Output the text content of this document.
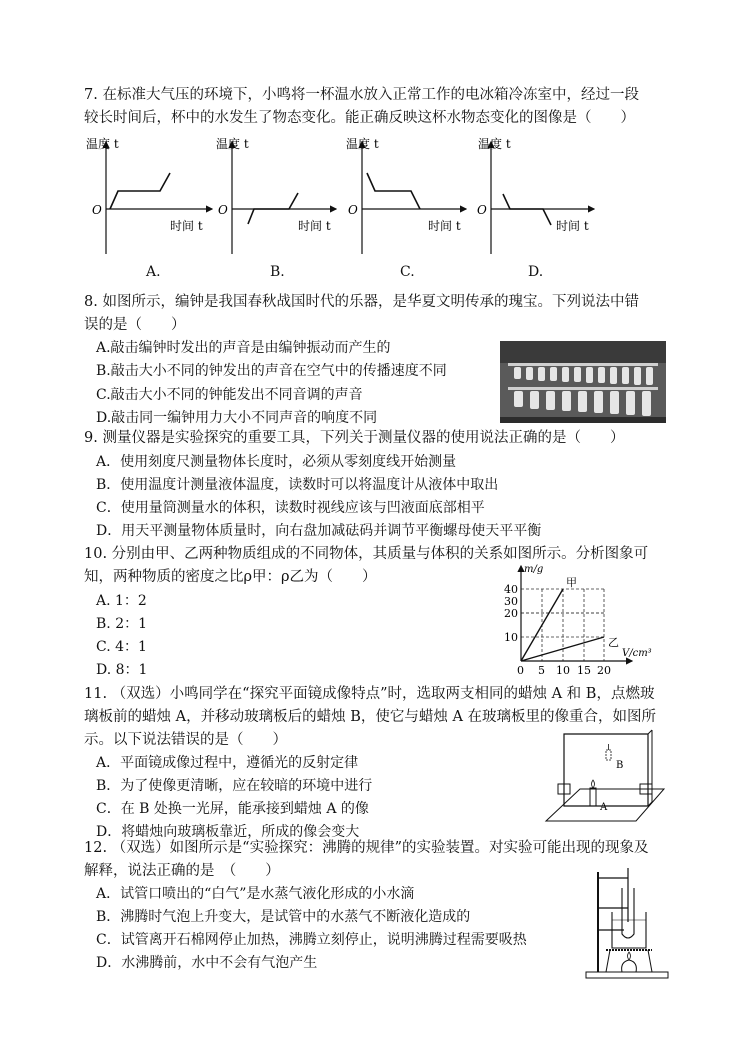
7. 在标准大气压的环境下，小鸣将一杯温水放入正常工作的电冰箱冷冻室中，经过一段
较长时间后，杯中的水发生了物态变化。能正确反映这杯水物态变化的图像是（　　）
温度 t
O
时间 t
温度 t
O
时间 t
温度 t
O
时间 t
温度 t
O
时间 t
A.	B.	C.	D.
8. 如图所示，编钟是我国春秋战国时代的乐器，是华夏文明传承的瑰宝。下列说法中错
误的是（　　）
A.敲击编钟时发出的声音是由编钟振动而产生的
B.敲击大小不同的钟发出的声音在空气中的传播速度不同
C.敲击大小不同的钟能发出不同音调的声音
D.敲击同一编钟用力大小不同声音的响度不同
9. 测量仪器是实验探究的重要工具，下列关于测量仪器的使用说法正确的是（　　）
A．使用刻度尺测量物体长度时，必须从零刻度线开始测量
B．使用温度计测量液体温度，读数时可以将温度计从液体中取出
C．使用量筒测量水的体积，读数时视线应该与凹液面底部相平
D．用天平测量物体质量时，向右盘加减砝码并调节平衡螺母使天平平衡
10. 分别由甲、乙两种物质组成的不同物体，其质量与体积的关系如图所示。分析图象可
知，两种物质的密度之比ρ甲：ρ乙为（　　）
A. 1：2
B. 2：1
C. 4：1
D. 8：1
m/g
V/cm³
10
20
30
40
0 5 10 15 20
甲
乙
11. （双选）小鸣同学在“探究平面镜成像特点”时，选取两支相同的蜡烛 A 和 B，点燃玻
璃板前的蜡烛 A，并移动玻璃板后的蜡烛 B，使它与蜡烛 A 在玻璃板里的像重合，如图所
示。以下说法错误的是（　　）
A．平面镜成像过程中，遵循光的反射定律
B．为了使像更清晰，应在较暗的环境中进行
C．在 B 处换一光屏，能承接到蜡烛 A 的像
D．将蜡烛向玻璃板靠近，所成的像会变大
B
A
12. （双选）如图所示是“实验探究：沸腾的规律”的实验装置。对实验可能出现的现象及
解释，说法正确的是　（　　）
A．试管口喷出的“白气”是水蒸气液化形成的小水滴
B．沸腾时气泡上升变大，是试管中的水蒸气不断液化造成的
C．试管离开石棉网停止加热，沸腾立刻停止，说明沸腾过程需要吸热
D．水沸腾前，水中不会有气泡产生
